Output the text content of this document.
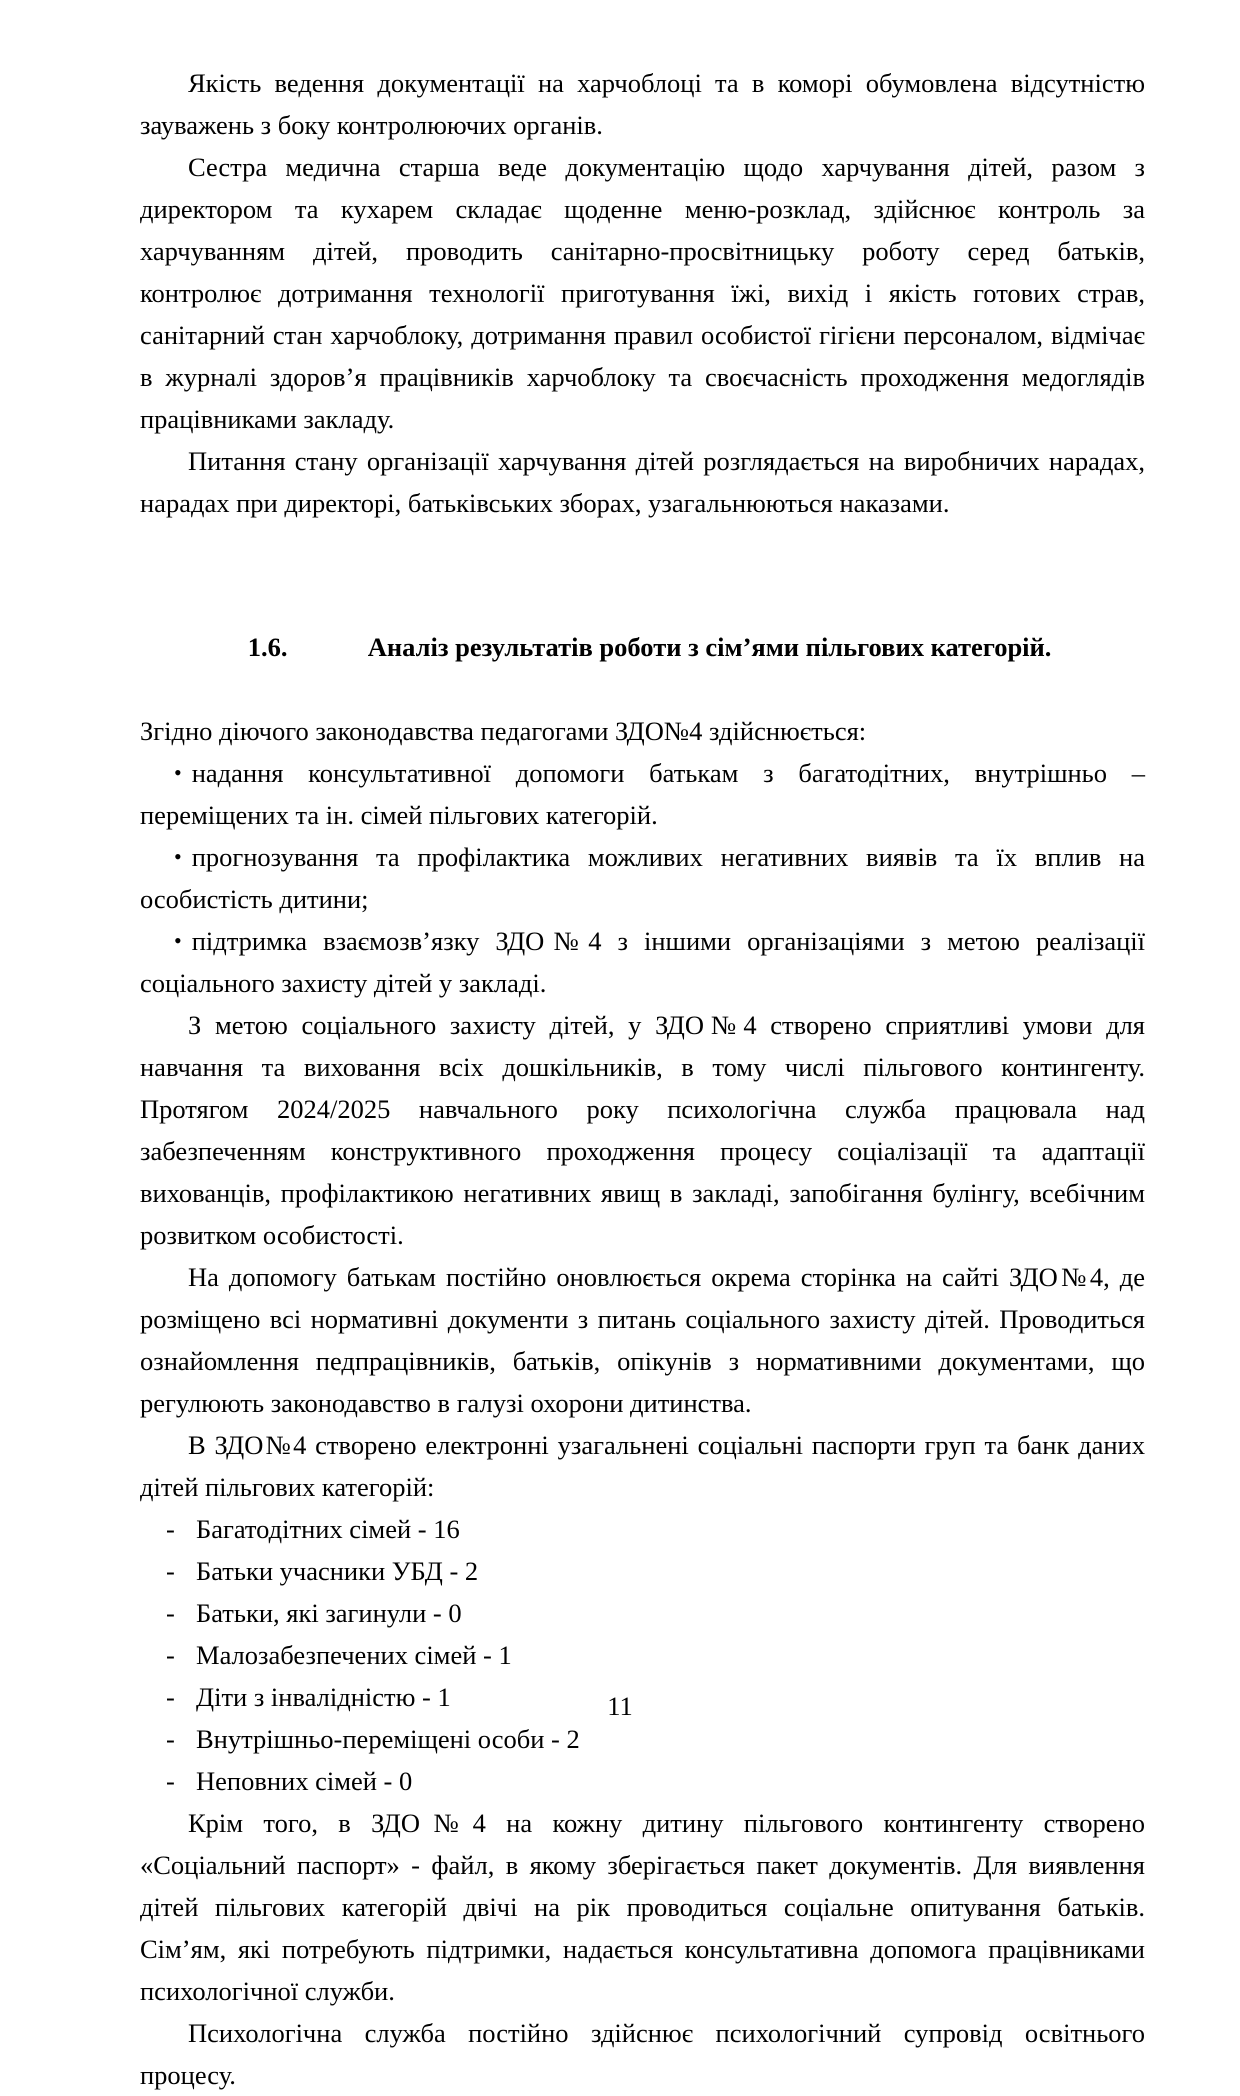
Якість ведення документації на харчоблоці та в коморі обумовлена відсутністю зауважень з боку контролюючих органів.

Сестра медична старша веде документацію щодо харчування дітей, разом з директором та кухарем складає щоденне меню-розклад, здійснює контроль за харчуванням дітей, проводить санітарно-просвітницьку роботу серед батьків, контролює дотримання технології приготування їжі, вихід і якість готових страв, санітарний стан харчоблоку, дотримання правил особистої гігієни персоналом, відмічає в журналі здоров’я працівників харчоблоку та своєчасність проходження медоглядів працівниками закладу.

Питання стану організації харчування дітей розглядається на виробничих нарадах, нарадах при директорі, батьківських зборах, узагальнюються наказами.

1.6.	Аналіз результатів роботи з сім’ями пільгових категорій.

Згідно діючого законодавства педагогами ЗДО№4 здійснюється:

• надання консультативної допомоги батькам з багатодітних, внутрішньо – переміщених та ін. сімей пільгових категорій.

• прогнозування та профілактика можливих негативних виявів та їх вплив на особистість дитини;

• підтримка взаємозв’язку ЗДО№4 з іншими організаціями з метою реалізації соціального захисту дітей у закладі.

З метою соціального захисту дітей, у ЗДО№4 створено сприятливі умови для навчання та виховання всіх дошкільників, в тому числі пільгового контингенту. Протягом 2024/2025 навчального року психологічна служба працювала над забезпеченням конструктивного проходження процесу соціалізації та адаптації вихованців, профілактикою негативних явищ в закладі, запобігання булінгу, всебічним розвитком особистості.

На допомогу батькам постійно оновлюється окрема сторінка на сайті ЗДО№4, де розміщено всі нормативні документи з питань соціального захисту дітей. Проводиться ознайомлення педпрацівників, батьків, опікунів з нормативними документами, що регулюють законодавство в галузі охорони дитинства.

В ЗДО№4 створено електронні узагальнені соціальні паспорти груп та банк даних дітей пільгових категорій:

- Багатодітних сімей - 16
- Батьки учасники УБД - 2
- Батьки, які загинули - 0
- Малозабезпечених сімей - 1
- Діти з інвалідністю - 1
- Внутрішньо-переміщені особи - 2
- Неповних сімей - 0

Крім того, в ЗДО№4 на кожну дитину пільгового контингенту створено «Соціальний паспорт» - файл, в якому зберігається пакет документів. Для виявлення дітей пільгових категорій двічі на рік проводиться соціальне опитування батьків. Сім’ям, які потребують підтримки, надається консультативна допомога працівниками психологічної служби.

Психологічна служба постійно здійснює психологічний супровід освітнього процесу.

11
